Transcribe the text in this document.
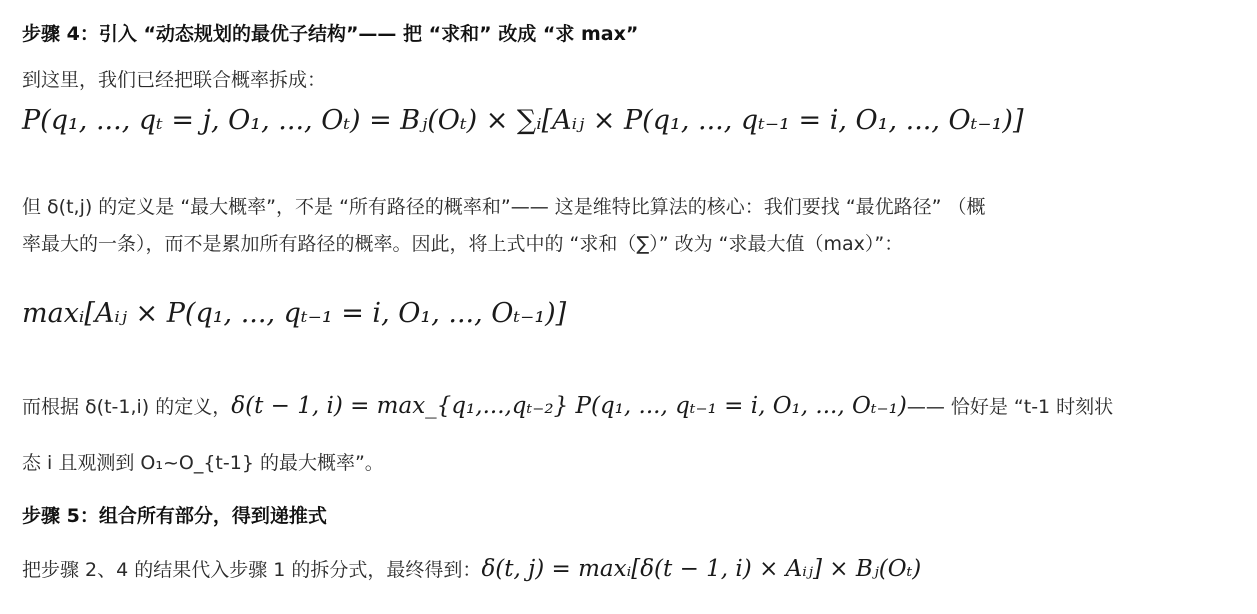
步骤 4：引入 “动态规划的最优子结构”—— 把 “求和” 改成 “求 max”
到这里，我们已经把联合概率拆成：
P(q₁, ..., qₜ = j, O₁, ..., Oₜ) = Bⱼ(Oₜ) × ∑ᵢ[Aᵢⱼ × P(q₁, ..., qₜ₋₁ = i, O₁, ..., Oₜ₋₁)]
但 δ(t,j) 的定义是 “最大概率”，不是 “所有路径的概率和”—— 这是维特比算法的核心：我们要找 “最优路径” （概
率最大的一条），而不是累加所有路径的概率。因此，将上式中的 “求和（∑）” 改为 “求最大值（max）”：
maxᵢ[Aᵢⱼ × P(q₁, ..., qₜ₋₁ = i, O₁, ..., Oₜ₋₁)]
而根据 δ(t-1,i) 的定义，δ(t − 1, i) = max_{q₁,...,qₜ₋₂} P(q₁, ..., qₜ₋₁ = i, O₁, ..., Oₜ₋₁)—— 恰好是 “t-1 时刻状
态 i 且观测到 O₁~O_{t-1} 的最大概率”。
步骤 5：组合所有部分，得到递推式
把步骤 2、4 的结果代入步骤 1 的拆分式，最终得到：δ(t, j) = maxᵢ[δ(t − 1, i) × Aᵢⱼ] × Bⱼ(Oₜ)
